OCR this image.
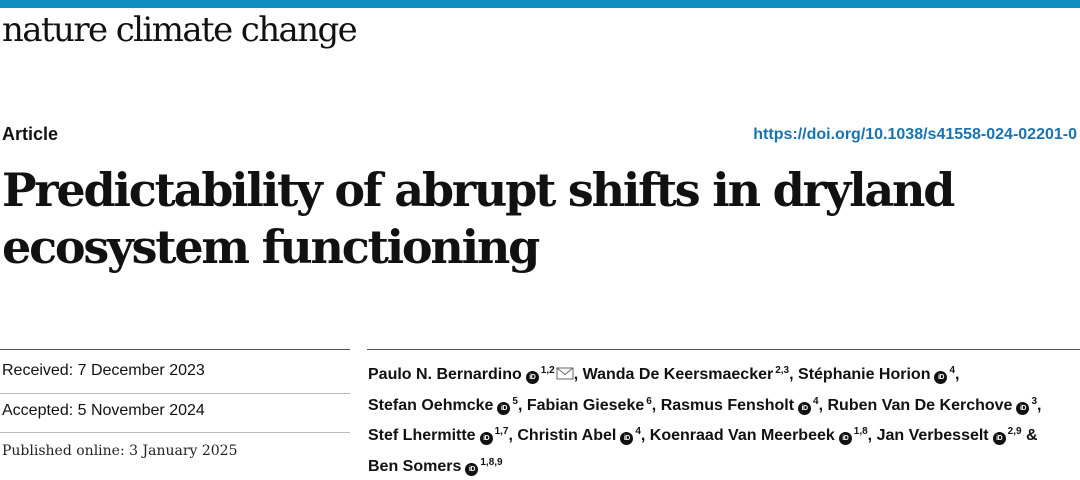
nature climate change
Article	https://doi.org/10.1038/s41558-024-02201-0
Predictability of abrupt shifts in dryland ecosystem functioning
Received: 7 December 2023
Accepted: 5 November 2024
Published online: 3 January 2025
Paulo N. Bernardino iD$^{1,2}$ , Wanda De Keersmaecker $^{2,3}$, Stéphanie Horion iD$^4$, Stefan Oehmcke iD$^5$, Fabian Gieseke $^6$, Rasmus Fensholt iD$^4$, Ruben Van De Kerchove iD$^3$, Stef Lhermitte iD$^{1,7}$, Christin Abel iD$^4$, Koenraad Van Meerbeek iD$^{1,8}$, Jan Verbesselt iD$^{2,9}$ & Ben Somers iD$^{1,8,9}$
